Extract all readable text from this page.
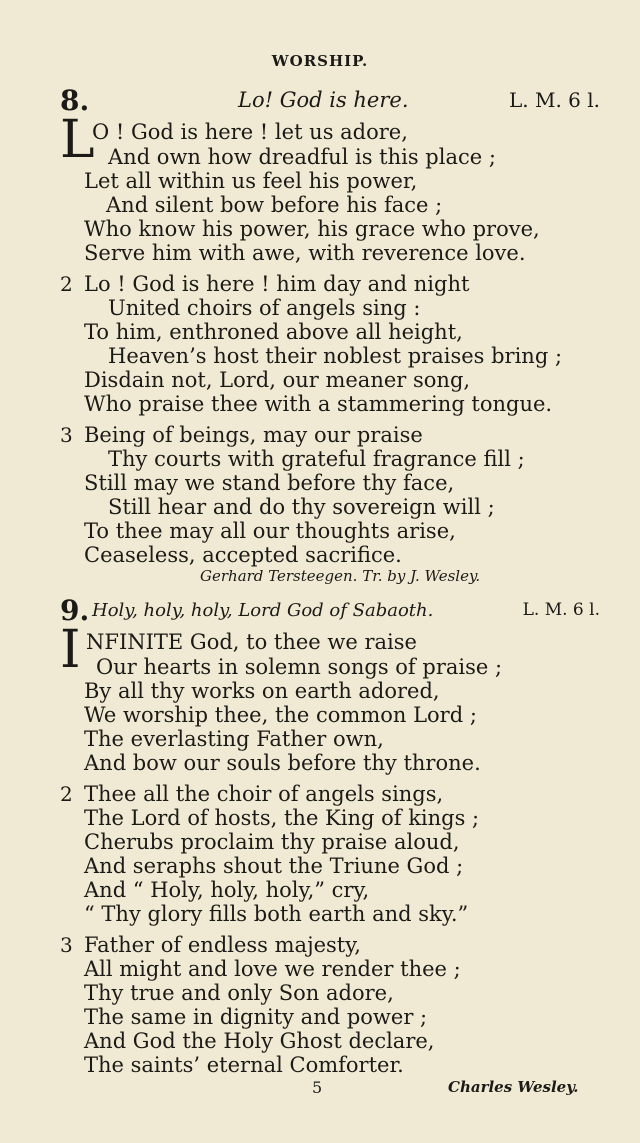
WORSHIP.
8.	Lo! God is here.	L. M. 6 l.
L
O ! God is here ! let us adore,
And own how dreadful is this place ;
Let all within us feel his power,
And silent bow before his face ;
Who know his power, his grace who prove,
Serve him with awe, with reverence love.
2 Lo ! God is here ! him day and night
United choirs of angels sing :
To him, enthroned above all height,
Heaven’s host their noblest praises bring ;
Disdain not, Lord, our meaner song,
Who praise thee with a stammering tongue.
3 Being of beings, may our praise
Thy courts with grateful fragrance fill ;
Still may we stand before thy face,
Still hear and do thy sovereign will ;
To thee may all our thoughts arise,
Ceaseless, accepted sacrifice.
Gerhard Tersteegen. Tr. by J. Wesley.
9. Holy, holy, holy, Lord God of Sabaoth.	L. M. 6 l.
I NFINITE God, to thee we raise
Our hearts in solemn songs of praise ;
By all thy works on earth adored,
We worship thee, the common Lord ;
The everlasting Father own,
And bow our souls before thy throne.
2 Thee all the choir of angels sings,
The Lord of hosts, the King of kings ;
Cherubs proclaim thy praise aloud,
And seraphs shout the Triune God ;
And “ Holy, holy, holy,” cry,
“ Thy glory fills both earth and sky.”
3 Father of endless majesty,
All might and love we render thee ;
Thy true and only Son adore,
The same in dignity and power ;
And God the Holy Ghost declare,
The saints’ eternal Comforter.
5	Charles Wesley.
